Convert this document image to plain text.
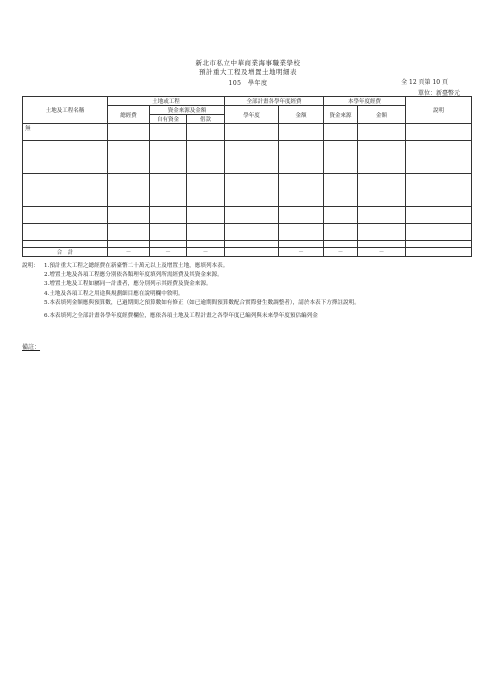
新北市私立中華商業海事職業學校
預計重大工程及增置土地明細表
105　學年度	全 12 頁第 10 頁
單位：新臺幣元
土地及工程名稱	土地或工程			全部計畫各學年度經費		本學年度經費		說明
	總經費	資金來源及金額		學年度	金額	資金來源	金額	
		自有資金	借款					
無								

合　計	－	－	－		－	－	－	
說明： 1.預計重大工程之總經費在新臺幣二十萬元以上及增置土地，應填列本表。
2.增置土地及各項工程應分別依各類理年度填列所需經費及其資金來源。
3.增置土地及工程如屬同一計畫者，應分別列示其經費及資金來源。
4.土地及各項工程之用途與規劃細目應在說明欄中敘明。
5.本表填列金額應與預算數，已過期間之預算數如有修正（如已逾期間預算數配合實際發生數調整者），請於本表下方擇註說明。
6.本表填列之全部計畫各學年度經費欄位，應依各項土地及工程計畫之各學年度已編列與未來學年度預估編列金
備註：
